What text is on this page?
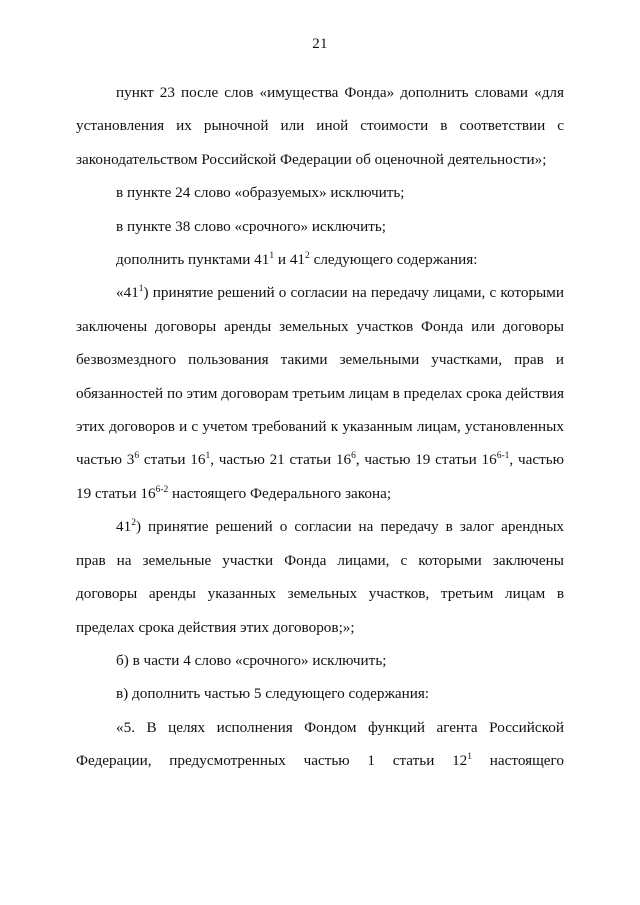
21

пункт 23 после слов «имущества Фонда» дополнить словами «для установления их рыночной или иной стоимости в соответствии с законодательством Российской Федерации об оценочной деятельности»;

в пункте 24 слово «образуемых» исключить;

в пункте 38 слово «срочного» исключить;

дополнить пунктами $41^1$ и $41^2$ следующего содержания:

«$41^1$) принятие решений о согласии на передачу лицами, с которыми заключены договоры аренды земельных участков Фонда или договоры безвозмездного пользования такими земельными участками, прав и обязанностей по этим договорам третьим лицам в пределах срока действия этих договоров и с учетом требований к указанным лицам, установленных частью $3^6$ статьи $16^1$, частью 21 статьи $16^6$, частью 19 статьи 16$^{6-1}$, частью 19 статьи 16$^{6-2}$ настоящего Федерального закона;

$41^2$) принятие решений о согласии на передачу в залог арендных прав на земельные участки Фонда лицами, с которыми заключены договоры аренды указанных земельных участков, третьим лицам в пределах срока действия этих договоров;»;

б) в части 4 слово «срочного» исключить;

в) дополнить частью 5 следующего содержания:

«5. В целях исполнения Фондом функций агента Российской Федерации, предусмотренных частью 1 статьи $12^1$ настоящего
